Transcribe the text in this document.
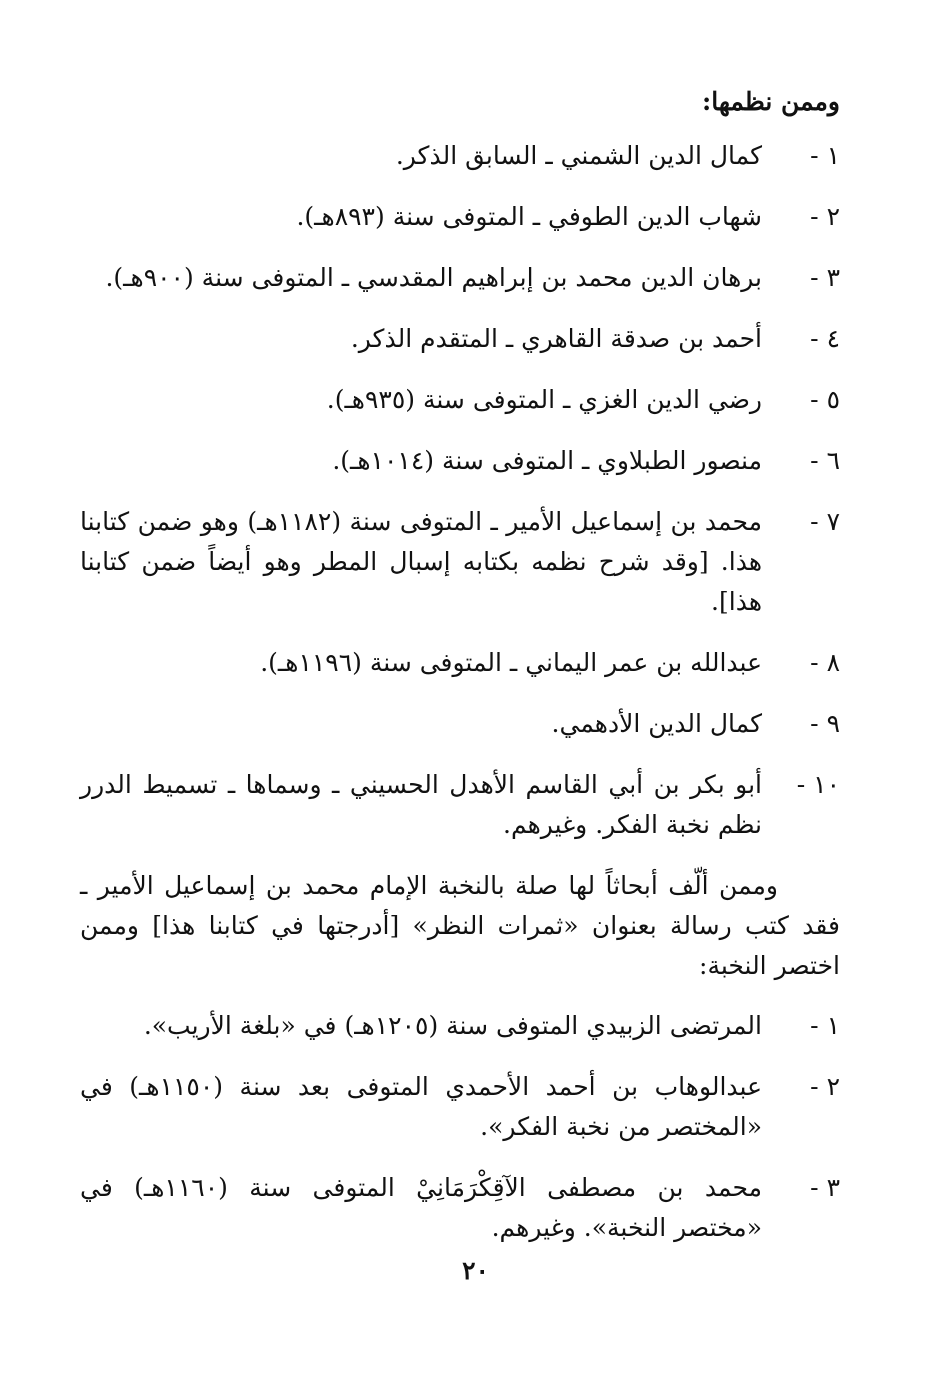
وممن نظمها:
١ -
كمال الدين الشمني ـ السابق الذكر.
٢ -
شهاب الدين الطوفي ـ المتوفى سنة (٨٩٣هـ).
٣ -
برهان الدين محمد بن إبراهيم المقدسي ـ المتوفى سنة (٩٠٠هـ).
٤ -
أحمد بن صدقة القاهري ـ المتقدم الذكر.
٥ -
رضي الدين الغزي ـ المتوفى سنة (٩٣٥هـ).
٦ -
منصور الطبلاوي ـ المتوفى سنة (١٠١٤هـ).
٧ -
محمد بن إسماعيل الأمير ـ المتوفى سنة (١١٨٢هـ) وهو ضمن كتابنا هذا. [وقد شرح نظمه بكتابه إسبال المطر وهو أيضاً ضمن كتابنا هذا].
٨ -
عبدالله بن عمر اليماني ـ المتوفى سنة (١١٩٦هـ).
٩ -
كمال الدين الأدهمي.
١٠ -
أبو بكر بن أبي القاسم الأهدل الحسيني ـ وسماها ـ تسميط الدرر نظم نخبة الفكر. وغيرهم.

وممن ألّف أبحاثاً لها صلة بالنخبة الإمام محمد بن إسماعيل الأمير ـ فقد كتب رسالة بعنوان «ثمرات النظر» [أدرجتها في كتابنا هذا] وممن اختصر النخبة:

١ -
المرتضى الزبيدي المتوفى سنة (١٢٠٥هـ) في «بلغة الأريب».
٢ -
عبدالوهاب بن أحمد الأحمدي المتوفى بعد سنة (١١٥٠هـ) في «المختصر من نخبة الفكر».
٣ -
محمد بن مصطفى الآقِكْرَمَانِيْ المتوفى سنة (١١٦٠هـ) في «مختصر النخبة». وغيرهم.
٢٠
